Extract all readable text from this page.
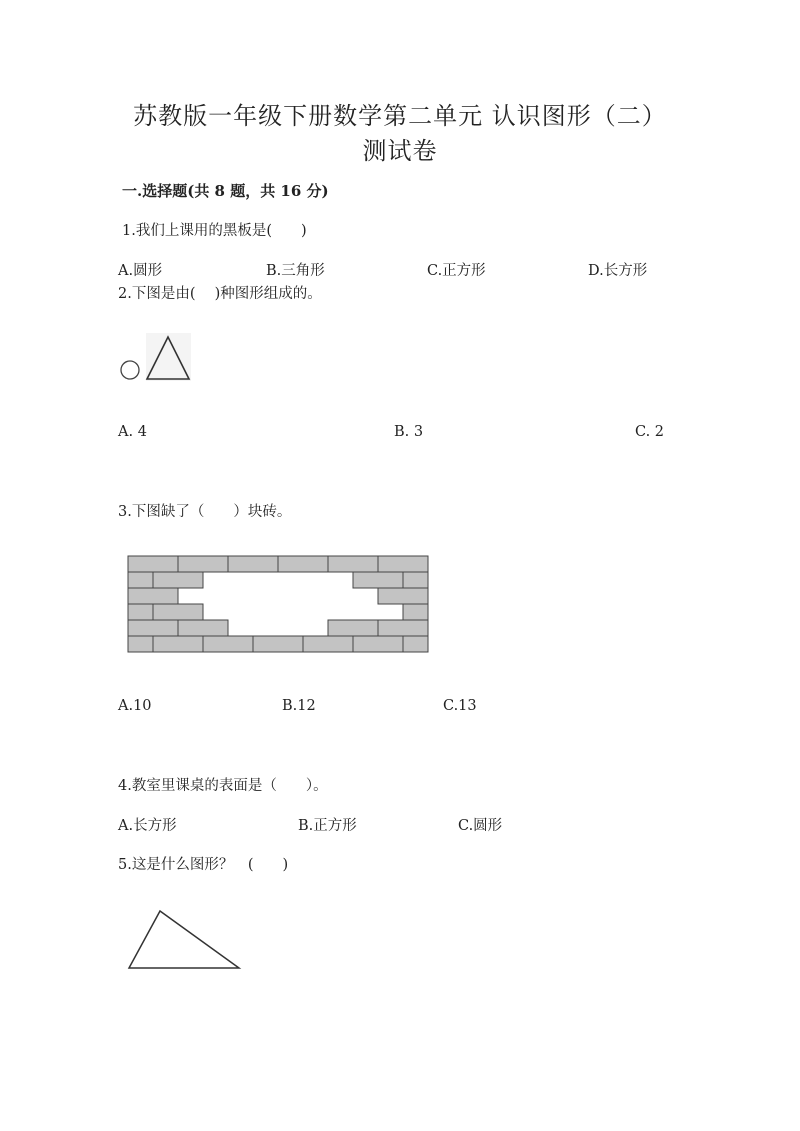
苏教版一年级下册数学第二单元 认识图形（二）
测试卷
一.选择题(共 8 题，共 16 分)
1.我们上课用的黑板是(　　)
A.圆形	B.三角形	C.正方形	D.长方形
2.下图是由(　 )种图形组成的。
A. 4	B. 3	C. 2
3.下图缺了（　　）块砖。
A.10	B.12	C.13
4.教室里课桌的表面是（　　）。
A.长方形	B.正方形	C.圆形
5.这是什么图形？　(　　)
